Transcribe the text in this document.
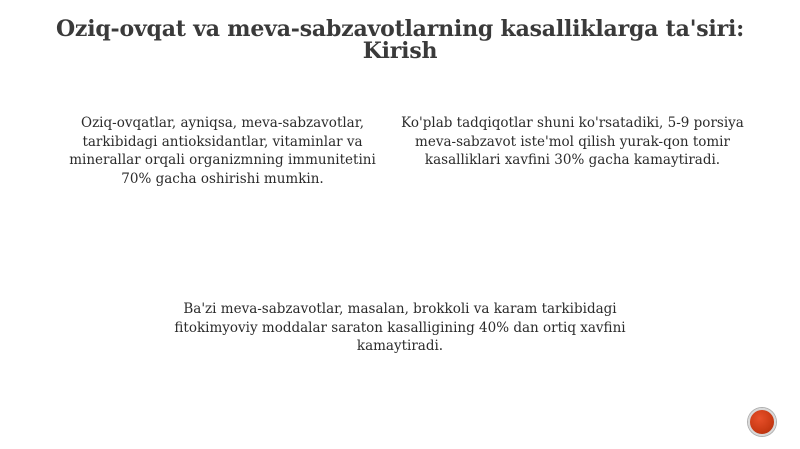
Oziq-ovqat va meva-sabzavotlarning kasalliklarga ta'siri: Kirish

Oziq-ovqatlar, ayniqsa, meva-sabzavotlar, tarkibidagi antioksidantlar, vitaminlar va minerallar orqali organizmning immunitetini 70% gacha oshirishi mumkin.

Ko'plab tadqiqotlar shuni ko'rsatadiki, 5-9 porsiya meva-sabzavot iste'mol qilish yurak-qon tomir kasalliklari xavfini 30% gacha kamaytiradi.

Ba'zi meva-sabzavotlar, masalan, brokkoli va karam tarkibidagi fitokimyoviy moddalar saraton kasalligining 40% dan ortiq xavfini kamaytiradi.
